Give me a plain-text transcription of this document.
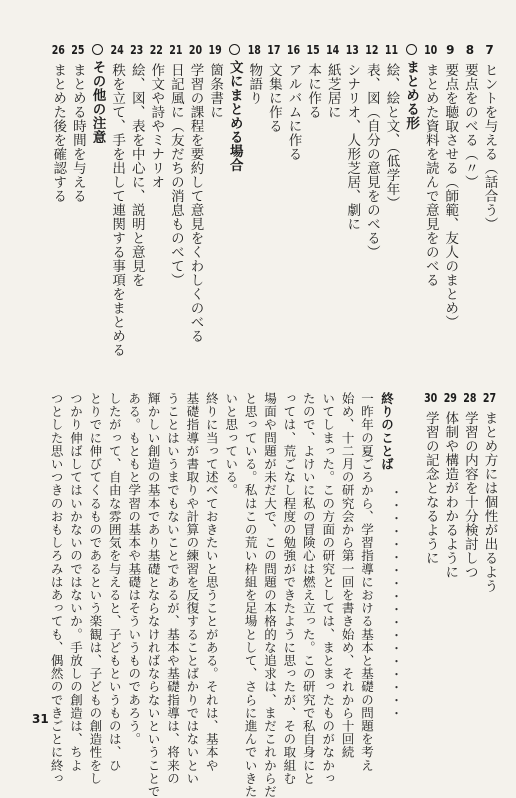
7ヒントを与える（話合う）
8要点をのべる（〃）
9要点を聴取させる（師範、友人のまとめ）
10まとめた資料を読んで意見をのべる
まとめる形
11絵、絵と文、（低学年）
12表、図（自分の意見をのべる）
13シナリオ、人形芝居、劇に
14紙芝居に
15本に作る
16アルバムに作る
17文集に作る
18物語り
文にまとめる場合
19箇条書に
20学習の課程を要約して意見をくわしくのべる
21日記風に（友だちの消息ものべて）
22作文や詩やミナリオ
23絵、図、表を中心に、説明と意見を
24秩を立て、手を出して連関する事項をまとめる
その他の注意
25まとめる時間を与える
26まとめた後を確認する
27まとめ方には個性が出るよう
28学習の内容を十分検討しつ
29体制や構造がわかるように
30学習の記念となるように
・・・・・・・・・・・・・・・・・・
終りのことば
一昨年の夏ごろから、学習指導における基本と基礎の問題を考え
始め、十二月の研究会から第一回を書き始め、それから十回続
いてしまった。この方面の研究としては、まとまったものがなかっ
たので、よけいに私の冒険心は燃え立った。この研究で私自身にと
っては、荒ごなし程度の勉強ができたように思ったが、その取組む
場面や問題が未だ大で、この問題の本格的な追求は、まだこれからだ
と思っている。私はこの荒い枠組を足場として、さらに進んでいきた
いと思っている。
終りに当って述べておきたいと思うことがある。それは、基本や
基礎指導が書取りや計算の練習を反復することばかりではないとい
うことはいうまでもないことであるが、基本や基礎指導は、将来の
輝かしい創造の基本であり基礎とならなければならないということで
ある。もともと学習の基本や基礎はそういうものであろう。
したがって、自由な雰囲気を与えると、子どもというものは、ひ
とりでに伸びてくるものであるという楽観は、子どもの創造性をし
つかり伸ばしてはいかないのではないか。手放しの創造は、ちよ
つとした思いつきのおもしろみはあっても、偶然のできごとに終っ
31
